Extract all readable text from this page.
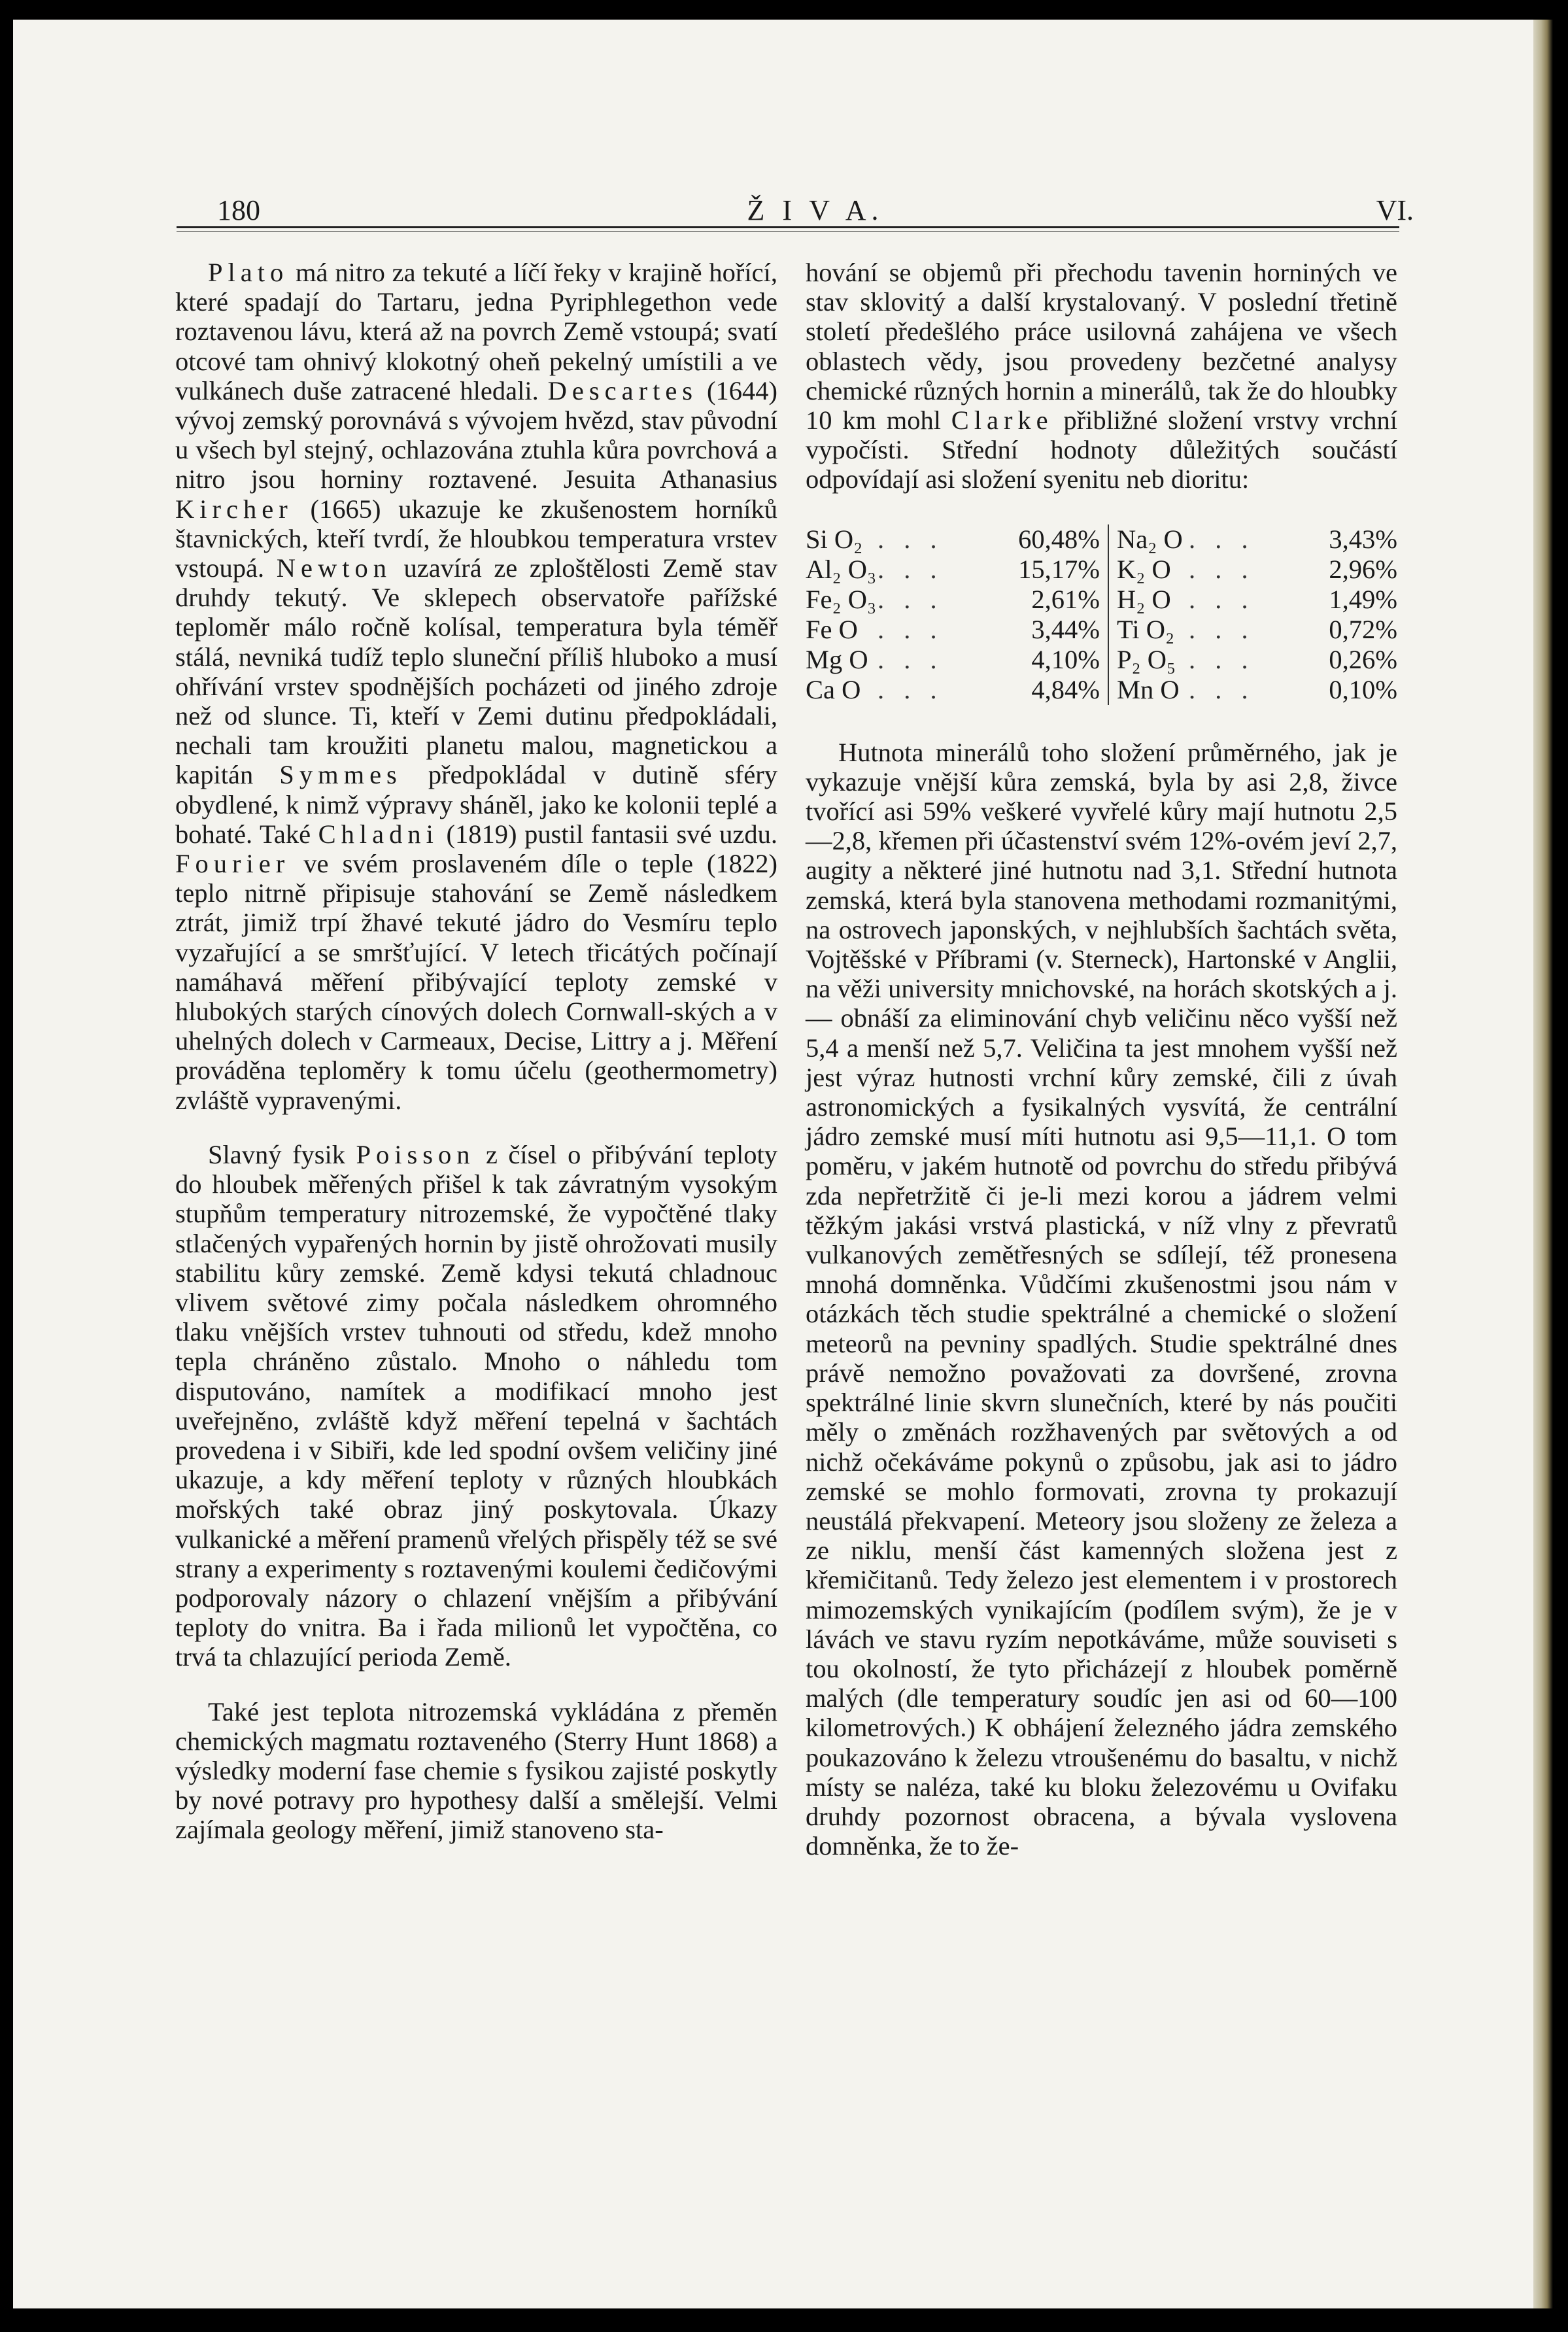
180	Ž I V A.	VI.

Plato má nitro za tekuté a líčí řeky v krajině hořící, které spadají do Tartaru, jedna Pyriphlegethon vede roztavenou lávu, která až na povrch Země vstoupá; svatí otcové tam ohnivý klokotný oheň pekelný umístili a ve vulkánech duše zatracené hledali. Descartes (1644) vývoj zemský porovnává s vývojem hvězd, stav původní u všech byl stejný, ochlazována ztuhla kůra povrchová a nitro jsou horniny roztavené. Jesuita Athanasius Kircher (1665) ukazuje ke zkušenostem horníků štavnických, kteří tvrdí, že hloubkou temperatura vrstev vstoupá. Newton uzavírá ze zploštělosti Země stav druhdy tekutý. Ve sklepech observatoře pařížské teploměr málo ročně kolísal, temperatura byla téměř stálá, nevniká tudíž teplo sluneční příliš hluboko a musí ohřívání vrstev spodnějších pocházeti od jiného zdroje než od slunce. Ti, kteří v Zemi dutinu předpokládali, nechali tam kroužiti planetu malou, magnetickou a kapitán Symmes předpokládal v dutině sféry obydlené, k nimž výpravy sháněl, jako ke kolonii teplé a bohaté. Také Chladni (1819) pustil fantasii své uzdu. Fourier ve svém proslaveném díle o teple (1822) teplo nitrně připisuje stahování se Země následkem ztrát, jimiž trpí žhavé tekuté jádro do Vesmíru teplo vyzařující a se smršťující. V letech třicátých počínají namáhavá měření přibývající teploty zemské v hlubokých starých cínových dolech Cornwall-ských a v uhelných dolech v Carmeaux, Decise, Littry a j. Měření prováděna teploměry k tomu účelu (geothermometry) zvláště vypravenými.

Slavný fysik Poisson z čísel o přibývání teploty do hloubek měřených přišel k tak závratným vysokým stupňům temperatury nitrozemské, že vypočtěné tlaky stlačených vypařených hornin by jistě ohrožovati musily stabilitu kůry zemské. Země kdysi tekutá chladnouc vlivem světové zimy počala následkem ohromného tlaku vnějších vrstev tuhnouti od středu, kdež mnoho tepla chráněno zůstalo. Mnoho o náhledu tom disputováno, namítek a modifikací mnoho jest uveřejněno, zvláště když měření tepelná v šachtách provedena i v Sibiři, kde led spodní ovšem veličiny jiné ukazuje, a kdy měření teploty v různých hloubkách mořských také obraz jiný poskytovala. Úkazy vulkanické a měření pramenů vřelých přispěly též se své strany a experimenty s roztavenými koulemi čedičovými podporovaly názory o chlazení vnějším a přibývání teploty do vnitra. Ba i řada milionů let vypočtěna, co trvá ta chlazující perioda Země.

Také jest teplota nitrozemská vykládána z přeměn chemických magmatu roztaveného (Sterry Hunt 1868) a výsledky moderní fase chemie s fysikou zajisté poskytly by nové potravy pro hypothesy další a smělejší. Velmi zajímala geology měření, jimiž stanoveno sta-

hování se objemů při přechodu tavenin horniných ve stav sklovitý a další krystalovaný. V poslední třetině století předešlého práce usilovná zahájena ve všech oblastech vědy, jsou provedeny bezčetné analysy chemické různých hornin a minerálů, tak že do hloubky 10 km mohl Clarke přibližné složení vrstvy vrchní vypočísti. Střední hodnoty důležitých součástí odpovídají asi složení syenitu neb dioritu:

Si O₂	. . .	60,48%	Na₂ O	. . .	3,43%
Al₂ O₃	. . .	15,17%	K₂ O	. . .	2,96%
Fe₂ O₃	. . .	2,61%	H₂ O	. . .	1,49%
Fe O	. . .	3,44%	Ti O₂	. . .	0,72%
Mg O	. . .	4,10%	P₂ O₅	. . .	0,26%
Ca O	. . .	4,84%	Mn O	. . .	0,10%

Hutnota minerálů toho složení průměrného, jak je vykazuje vnější kůra zemská, byla by asi 2,8, živce tvořící asi 59% veškeré vyvřelé kůry mají hutnotu 2,5—2,8, křemen při účastenství svém 12%-ovém jeví 2,7, augity a některé jiné hutnotu nad 3,1. Střední hutnota zemská, která byla stanovena methodami rozmanitými, na ostrovech japonských, v nejhlubších šachtách světa, Vojtěšské v Příbrami (v. Sterneck), Hartonské v Anglii, na věži university mnichovské, na horách skotských a j. — obnáší za eliminování chyb veličinu něco vyšší než 5,4 a menší než 5,7. Veličina ta jest mnohem vyšší než jest výraz hutnosti vrchní kůry zemské, čili z úvah astronomických a fysikalných vysvítá, že centrální jádro zemské musí míti hutnotu asi 9,5—11,1. O tom poměru, v jakém hutnotě od povrchu do středu přibývá zda nepřetržitě či je-li mezi korou a jádrem velmi těžkým jakási vrstvá plastická, v níž vlny z převratů vulkanových zemětřesných se sdílejí, též pronesena mnohá domněnka. Vůdčími zkušenostmi jsou nám v otázkách těch studie spektrálné a chemické o složení meteorů na pevniny spadlých. Studie spektrálné dnes právě nemožno považovati za dovršené, zrovna spektrálné linie skvrn slunečních, které by nás poučiti měly o změnách rozžhavených par světových a od nichž očekáváme pokynů o způsobu, jak asi to jádro zemské se mohlo formovati, zrovna ty prokazují neustálá překvapení. Meteory jsou složeny ze železa a ze niklu, menší část kamenných složena jest z křemičitanů. Tedy železo jest elementem i v prostorech mimozemských vynikajícím (podílem svým), že je v lávách ve stavu ryzím nepotkáváme, může souviseti s tou okolností, že tyto přicházejí z hloubek poměrně malých (dle temperatury soudíc jen asi od 60—100 kilometrových.) K obhájení železného jádra zemského poukazováno k železu vtroušenému do basaltu, v nichž místy se naléza, také ku bloku železovému u Ovifaku druhdy pozornost obracena, a bývala vyslovena domněnka, že to že-
